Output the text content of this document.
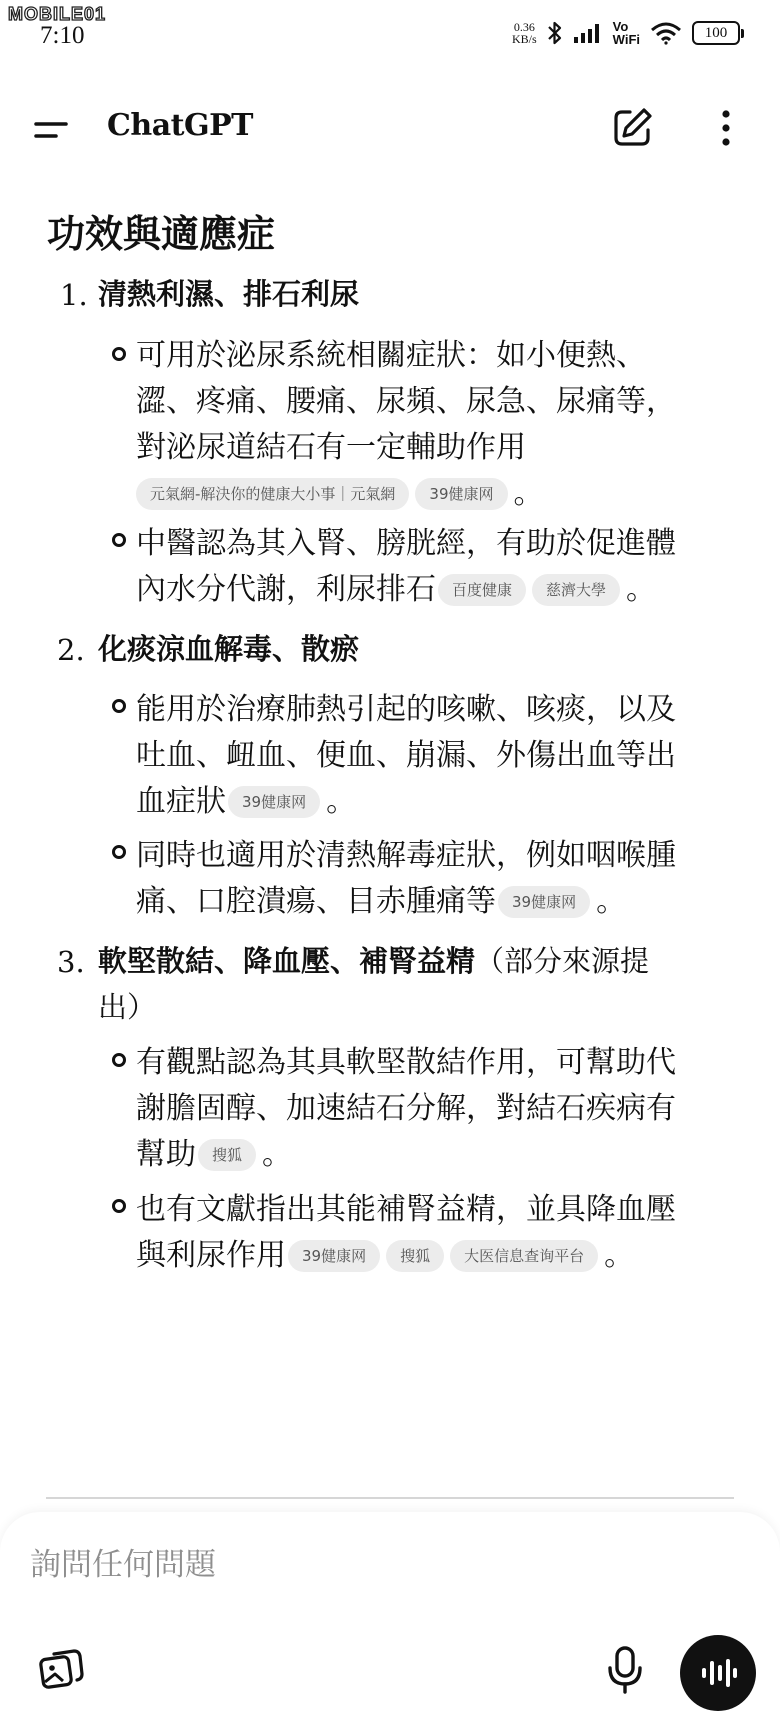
MOBILE01
7:10	0.36
KB/s
Vo
WiFi	100
ChatGPT
功效與適應症
1. 清熱利濕、排石利尿
可用於泌尿系統相關症狀：如小便熱、
澀、疼痛、腰痛、尿頻、尿急、尿痛等，
對泌尿道結石有一定輔助作用
元氣網-解決你的健康大小事｜元氣網 39健康网 。
中醫認為其入腎、膀胱經，有助於促進體
內水分代謝，利尿排石 百度健康 慈濟大學 。
2. 化痰涼血解毒、散瘀
能用於治療肺熱引起的咳嗽、咳痰，以及
吐血、衄血、便血、崩漏、外傷出血等出
血症狀 39健康网 。
同時也適用於清熱解毒症狀，例如咽喉腫
痛、口腔潰瘍、目赤腫痛等 39健康网 。
3. 軟堅散結、降血壓、補腎益精（部分來源提
出）
有觀點認為其具軟堅散結作用，可幫助代
謝膽固醇、加速結石分解，對結石疾病有
幫助 搜狐 。
也有文獻指出其能補腎益精，並具降血壓
與利尿作用 39健康网 搜狐 大医信息查询平台 。
詢問任何問題
